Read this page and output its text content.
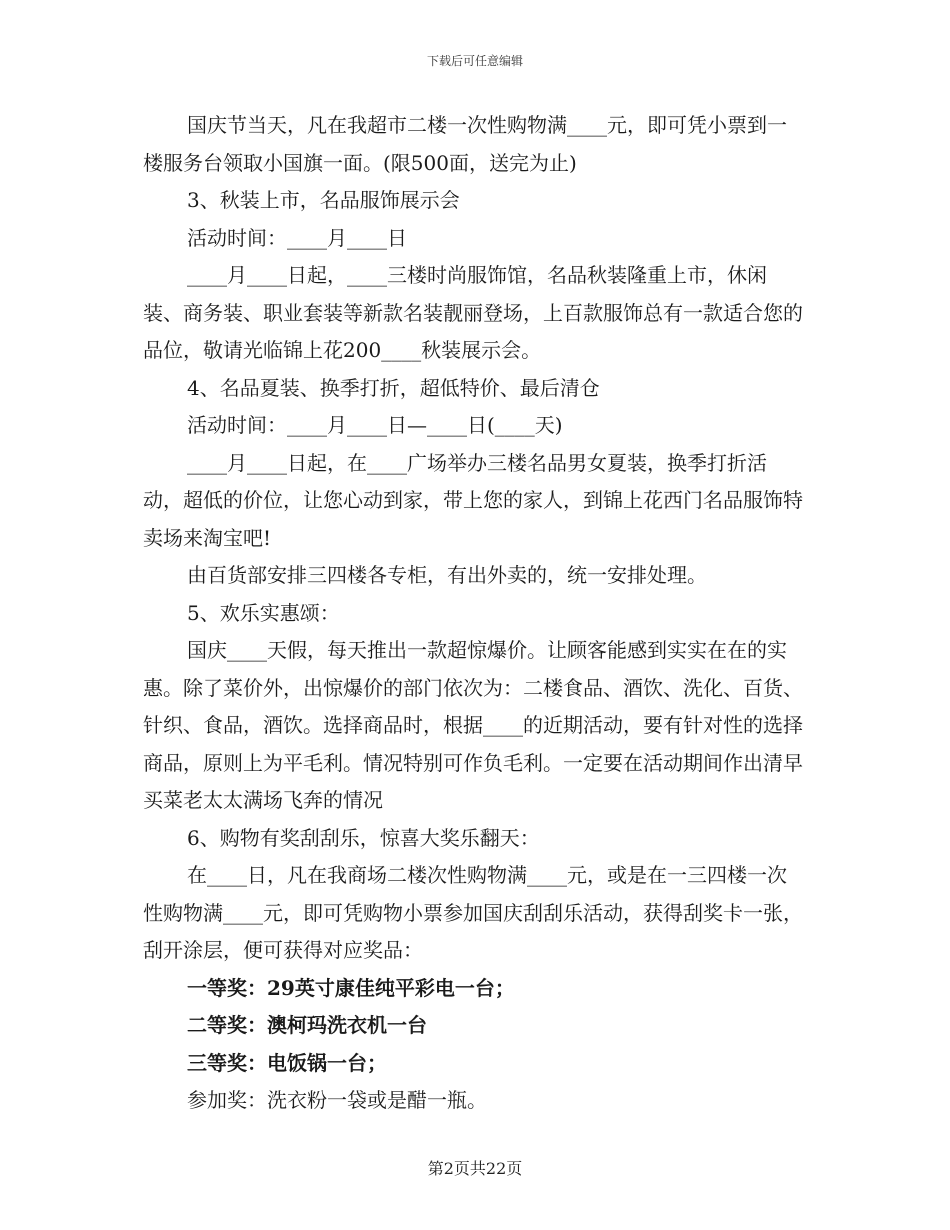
下载后可任意编辑

国庆节当天，凡在我超市二楼一次性购物满____元，即可凭小票到一楼服务台领取小国旗一面。(限500面，送完为止)

3、秋装上市，名品服饰展示会

活动时间：____月____日

____月____日起，____三楼时尚服饰馆，名品秋装隆重上市，休闲装、商务装、职业套装等新款名装靓丽登场，上百款服饰总有一款适合您的品位，敬请光临锦上花200____秋装展示会。

4、名品夏装、换季打折，超低特价、最后清仓

活动时间：____月____日—____日(____天)

____月____日起，在____广场举办三楼名品男女夏装，换季打折活动，超低的价位，让您心动到家，带上您的家人，到锦上花西门名品服饰特卖场来淘宝吧!

由百货部安排三四楼各专柜，有出外卖的，统一安排处理。

5、欢乐实惠颂：

国庆____天假，每天推出一款超惊爆价。让顾客能感到实实在在的实惠。除了菜价外，出惊爆价的部门依次为：二楼食品、酒饮、洗化、百货、针织、食品，酒饮。选择商品时，根据____的近期活动，要有针对性的选择商品，原则上为平毛利。情况特别可作负毛利。一定要在活动期间作出清早买菜老太太满场飞奔的情况

6、购物有奖刮刮乐，惊喜大奖乐翻天：

在____日，凡在我商场二楼次性购物满____元，或是在一三四楼一次性购物满____元，即可凭购物小票参加国庆刮刮乐活动，获得刮奖卡一张，刮开涂层，便可获得对应奖品：

一等奖：29英寸康佳纯平彩电一台；

二等奖：澳柯玛洗衣机一台

三等奖：电饭锅一台；

参加奖：洗衣粉一袋或是醋一瓶。

第2页共22页
